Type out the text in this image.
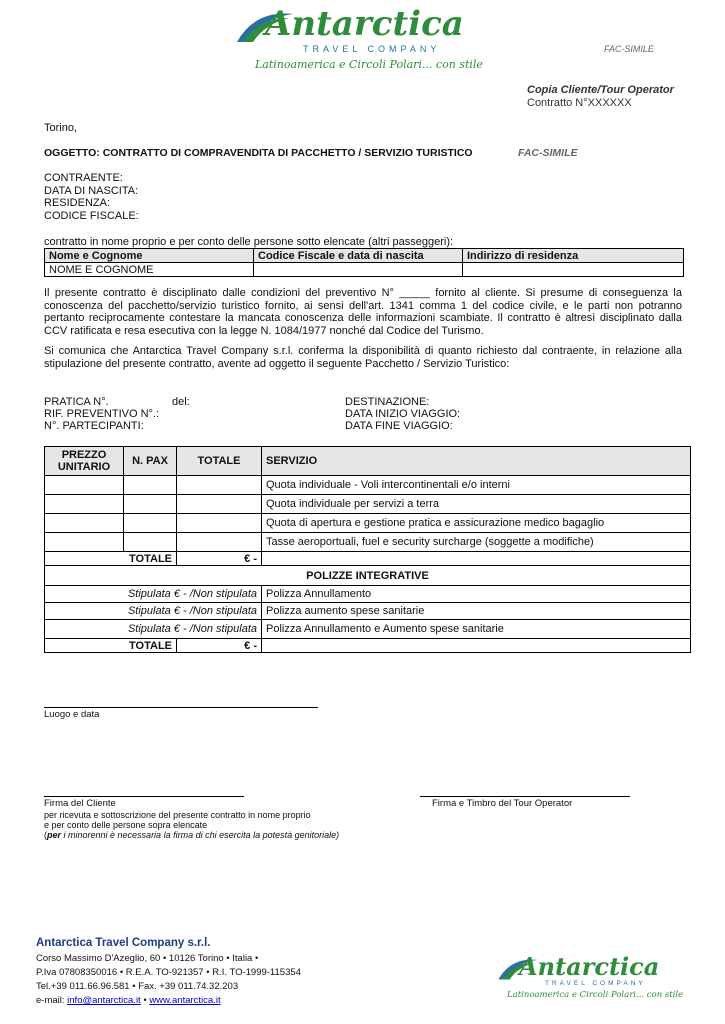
Antarctica
TRAVEL COMPANY
Latinoamerica e Circoli Polari... con stile
FAC-SIMILE
Copia Cliente/Tour Operator
Contratto N°XXXXXX
Torino,
OGGETTO: CONTRATTO DI COMPRAVENDITA DI PACCHETTO / SERVIZIO TURISTICO	FAC-SIMILE
CONTRAENTE:
DATA DI NASCITA:
RESIDENZA:
CODICE FISCALE:
contratto in nome proprio e per conto delle persone sotto elencate (altri passeggeri):
Nome e Cognome	Codice Fiscale e data di nascita	Indirizzo di residenza
NOME E COGNOME		
Il presente contratto è disciplinato dalle condizioni del preventivo N° _____ fornito al cliente. Si presume di conseguenza la conoscenza del pacchetto/servizio turistico fornito, ai sensi dell'art. 1341 comma 1 del codice civile, e le parti non potranno pertanto reciprocamente contestare la mancata conoscenza delle informazioni scambiate. Il contratto è altresì disciplinato dalla CCV ratificata e resa esecutiva con la legge N. 1084/1977 nonché dal Codice del Turismo.
Si comunica che Antarctica Travel Company s.r.l. conferma la disponibilità di quanto richiesto dal contraente, in relazione alla stipulazione del presente contratto, avente ad oggetto il seguente Pacchetto / Servizio Turistico:
PRATICA N°.	del:
RIF. PREVENTIVO N°.:
N°. PARTECIPANTI:
DESTINAZIONE:
DATA INIZIO VIAGGIO:
DATA FINE VIAGGIO:
PREZZO UNITARIO	N. PAX	TOTALE	SERVIZIO
			Quota individuale - Voli intercontinentali e/o interni
			Quota individuale per servizi a terra
			Quota di apertura e gestione pratica e assicurazione medico bagaglio
			Tasse aeroportuali, fuel e security surcharge (soggette a modifiche)
	TOTALE	€ -	
POLIZZE INTEGRATIVE			
Stipulata € - /Non stipulata			Polizza Annullamento
Stipulata € - /Non stipulata			Polizza aumento spese sanitarie
Stipulata € - /Non stipulata			Polizza Annullamento e Aumento spese sanitarie
	TOTALE	€ -	
Luogo e data
Firma del Cliente
per ricevuta e sottoscrizione del presente contratto in nome proprio
e per conto delle persone sopra elencate
(per i minorenni è necessaria la firma di chi esercita la potestà genitoriale)
Firma e Timbro del Tour Operator
Antarctica Travel Company s.r.l.
Corso Massimo D'Azeglio, 60 • 10126 Torino • Italia •
P.Iva 07808350016 • R.E.A. TO-921357 • R.I. TO-1999-115354
Tel.+39 011.66.96.581 • Fax. +39 011.74.32.203
e-mail: info@antarctica.it • www.antarctica.it
Antarctica
TRAVEL COMPANY
Latinoamerica e Circoli Polari... con stile
